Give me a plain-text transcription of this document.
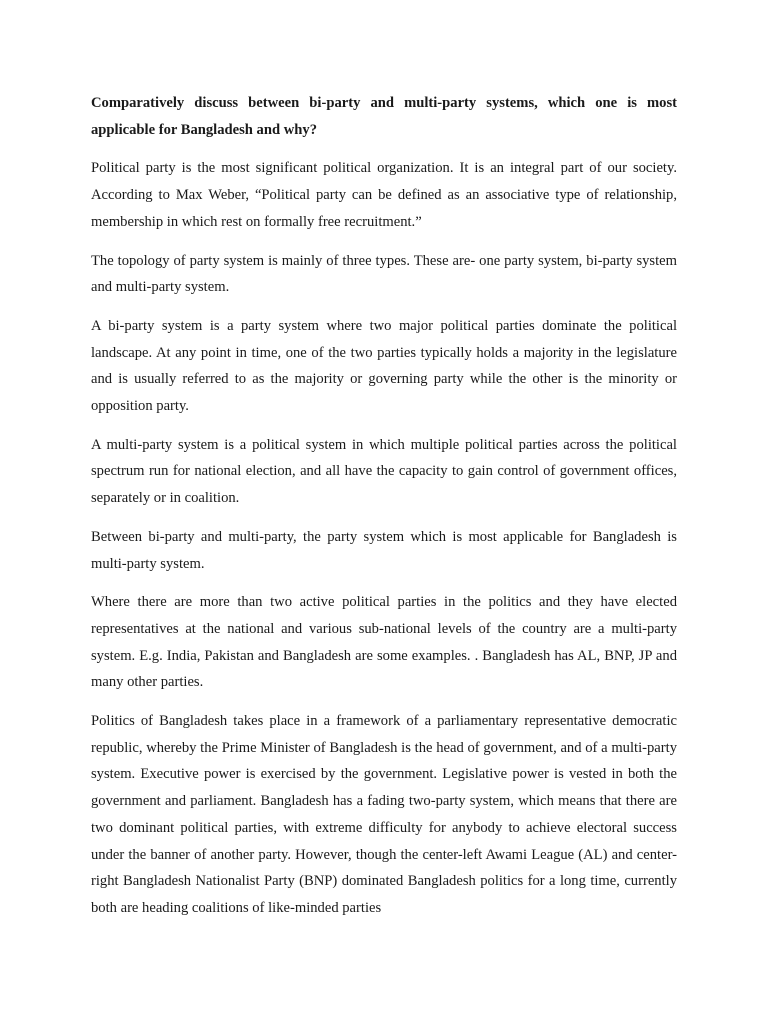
Comparatively discuss between bi-party and multi-party systems, which one is most applicable for Bangladesh and why?

Political party is the most significant political organization. It is an integral part of our society. According to Max Weber, “Political party can be defined as an associative type of relationship, membership in which rest on formally free recruitment.”

The topology of party system is mainly of three types. These are- one party system, bi-party system and multi-party system.

A bi-party system is a party system where two major political parties dominate the political landscape. At any point in time, one of the two parties typically holds a majority in the legislature and is usually referred to as the majority or governing party while the other is the minority or opposition party.

A multi-party system is a political system in which multiple political parties across the political spectrum run for national election, and all have the capacity to gain control of government offices, separately or in coalition.

Between bi-party and multi-party, the party system which is most applicable for Bangladesh is multi-party system.

Where there are more than two active political parties in the politics and they have elected representatives at the national and various sub-national levels of the country are a multi-party system. E.g. India, Pakistan and Bangladesh are some examples. . Bangladesh has AL, BNP, JP and many other parties.

Politics of Bangladesh takes place in a framework of a parliamentary representative democratic republic, whereby the Prime Minister of Bangladesh is the head of government, and of a multi-party system. Executive power is exercised by the government. Legislative power is vested in both the government and parliament. Bangladesh has a fading two-party system, which means that there are two dominant political parties, with extreme difficulty for anybody to achieve electoral success under the banner of another party. However, though the center-left Awami League (AL) and center-right Bangladesh Nationalist Party (BNP) dominated Bangladesh politics for a long time, currently both are heading coalitions of like-minded parties
